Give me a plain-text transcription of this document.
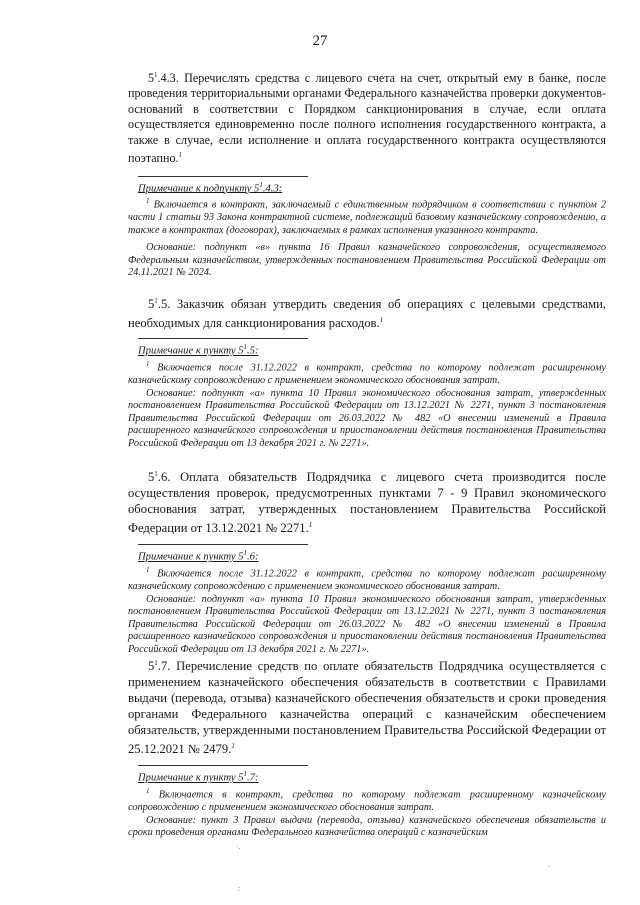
27

$5^1.4.3$. Перечислять средства с лицевого счета на счет, открытый ему в банке, после проведения территориальными органами Федерального казначейства проверки документов-оснований в соответствии с Порядком санкционирования в случае, если оплата осуществляется единовременно после полного исполнения государственного контракта, а также в случае, если исполнение и оплата государственного контракта осуществляются поэтапно.$^1$

Примечание к подпункту $5^1.4.3$:

$^1$ Включается в контракт, заключаемый с единственным подрядчиком в соответствии с пунктом 2 части 1 статьи 93 Закона контрактной системе, подлежащий базовому казначейскому сопровождению, а также в контрактах (договорах), заключаемых в рамках исполнения указанного контракта.

Основание: подпункт «в» пункта 16 Правил казначейского сопровождения, осуществляемого Федеральным казначейством, утвержденных постановлением Правительства Российской Федерации от 24.11.2021 № 2024.

$5^1.5$. Заказчик обязан утвердить сведения об операциях с целевыми средствами, необходимых для санкционирования расходов.$^1$

Примечание к пункту $5^1.5$:

$^1$ Включается после 31.12.2022 в контракт, средства по которому подлежат расширенному казначейскому сопровождению с применением экономического обоснования затрат.

Основание: подпункт «а» пункта 10 Правил экономического обоснования затрат, утвержденных постановлением Правительства Российской Федерации от 13.12.2021 № 2271, пункт 3 постановления Правительства Российской Федерации от 26.03.2022 № 482 «О внесении изменений в Правила расширенного казначейского сопровождения и приостановлении действия постановления Правительства Российской Федерации от 13 декабря 2021 г. № 2271».

$5^1.6$. Оплата обязательств Подрядчика с лицевого счета производится после осуществления проверок, предусмотренных пунктами 7 - 9 Правил экономического обоснования затрат, утвержденных постановлением Правительства Российской Федерации от 13.12.2021 № 2271.$^1$

Примечание к пункту $5^1.6$:

$^1$ Включается после 31.12.2022 в контракт, средства по которому подлежат расширенному казначейскому сопровождению с применением экономического обоснования затрат.

Основание: подпункт «а» пункта 10 Правил экономического обоснования затрат, утвержденных постановлением Правительства Российской Федерации от 13.12.2021 № 2271, пункт 3 постановления Правительства Российской Федерации от 26.03.2022 № 482 «О внесении изменений в Правила расширенного казначейского сопровождения и приостановлении действия постановления Правительства Российской Федерации от 13 декабря 2021 г. № 2271».

$5^1.7$. Перечисление средств по оплате обязательств Подрядчика осуществляется с применением казначейского обеспечения обязательств в соответствии с Правилами выдачи (перевода, отзыва) казначейского обеспечения обязательств и сроки проведения органами Федерального казначейства операций с казначейским обеспечением обязательств, утвержденными постановлением Правительства Российской Федерации от 25.12.2021 № 2479.$^1$

Примечание к пункту $5^1.7$:

$^1$ Включается в контракт, средства по которому подлежат расширенному казначейскому сопровождению с применением экономического обоснования затрат.

Основание: пункт 3 Правил выдачи (перевода, отзыва) казначейского обеспечения обязательств и сроки проведения органами Федерального казначейства операций с казначейским

·.
:
.
